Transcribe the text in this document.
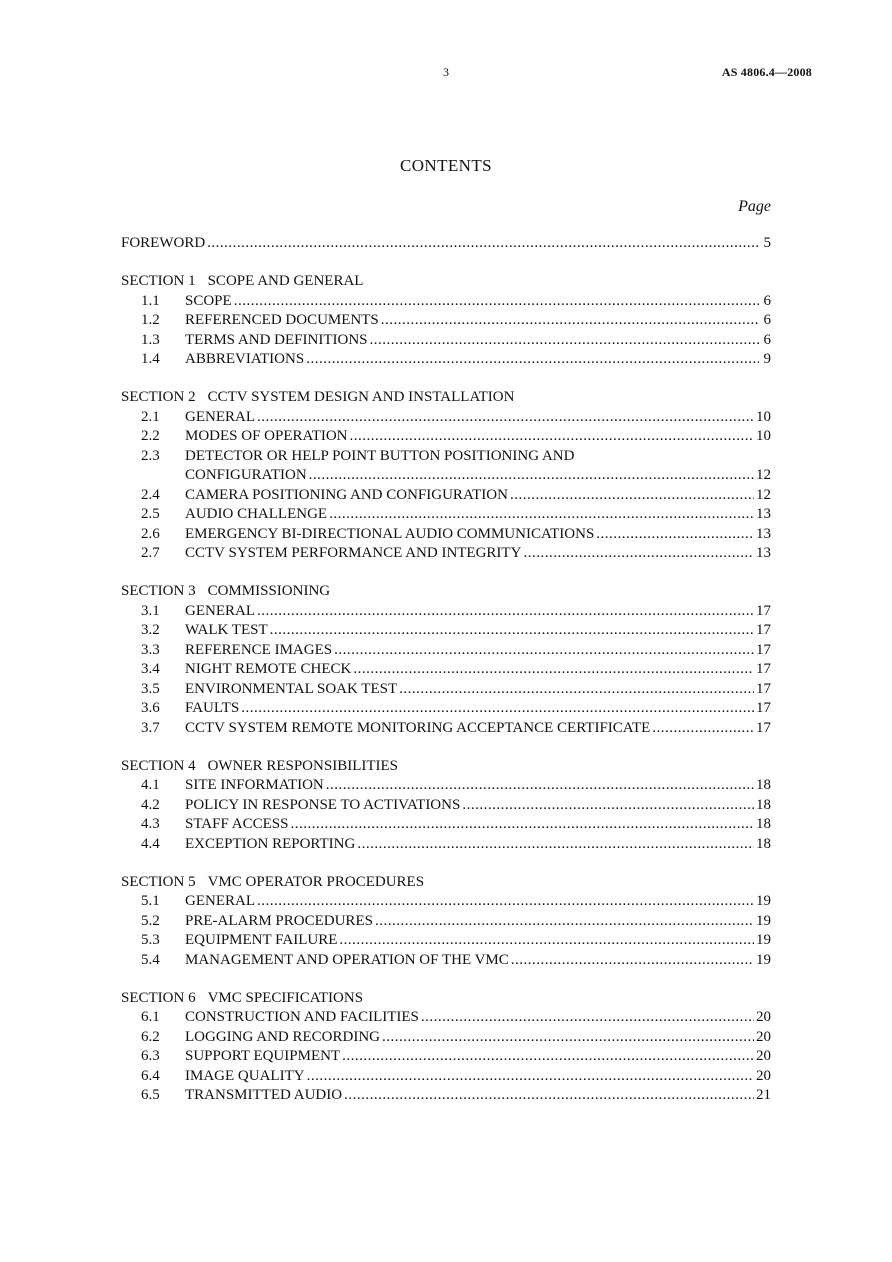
3	AS 4806.4—2008
CONTENTS
Page
FOREWORD .....	5
SECTION 1 SCOPE AND GENERAL
1.1	SCOPE .....	6
1.2	REFERENCED DOCUMENTS .....	6
1.3	TERMS AND DEFINITIONS .....	6
1.4	ABBREVIATIONS .....	9
SECTION 2 CCTV SYSTEM DESIGN AND INSTALLATION
2.1	GENERAL .....	10
2.2	MODES OF OPERATION .....	10
2.3	DETECTOR OR HELP POINT BUTTON POSITIONING AND
CONFIGURATION .....	12
2.4	CAMERA POSITIONING AND CONFIGURATION .....	12
2.5	AUDIO CHALLENGE .....	13
2.6	EMERGENCY BI-DIRECTIONAL AUDIO COMMUNICATIONS .....	13
2.7	CCTV SYSTEM PERFORMANCE AND INTEGRITY .....	13
SECTION 3 COMMISSIONING
3.1	GENERAL .....	17
3.2	WALK TEST .....	17
3.3	REFERENCE IMAGES .....	17
3.4	NIGHT REMOTE CHECK .....	17
3.5	ENVIRONMENTAL SOAK TEST .....	17
3.6	FAULTS .....	17
3.7	CCTV SYSTEM REMOTE MONITORING ACCEPTANCE CERTIFICATE .....	17
SECTION 4 OWNER RESPONSIBILITIES
4.1	SITE INFORMATION .....	18
4.2	POLICY IN RESPONSE TO ACTIVATIONS .....	18
4.3	STAFF ACCESS .....	18
4.4	EXCEPTION REPORTING .....	18
SECTION 5 VMC OPERATOR PROCEDURES
5.1	GENERAL .....	19
5.2	PRE-ALARM PROCEDURES .....	19
5.3	EQUIPMENT FAILURE .....	19
5.4	MANAGEMENT AND OPERATION OF THE VMC .....	19
SECTION 6 VMC SPECIFICATIONS
6.1	CONSTRUCTION AND FACILITIES .....	20
6.2	LOGGING AND RECORDING .....	20
6.3	SUPPORT EQUIPMENT .....	20
6.4	IMAGE QUALITY .....	20
6.5	TRANSMITTED AUDIO .....	21
